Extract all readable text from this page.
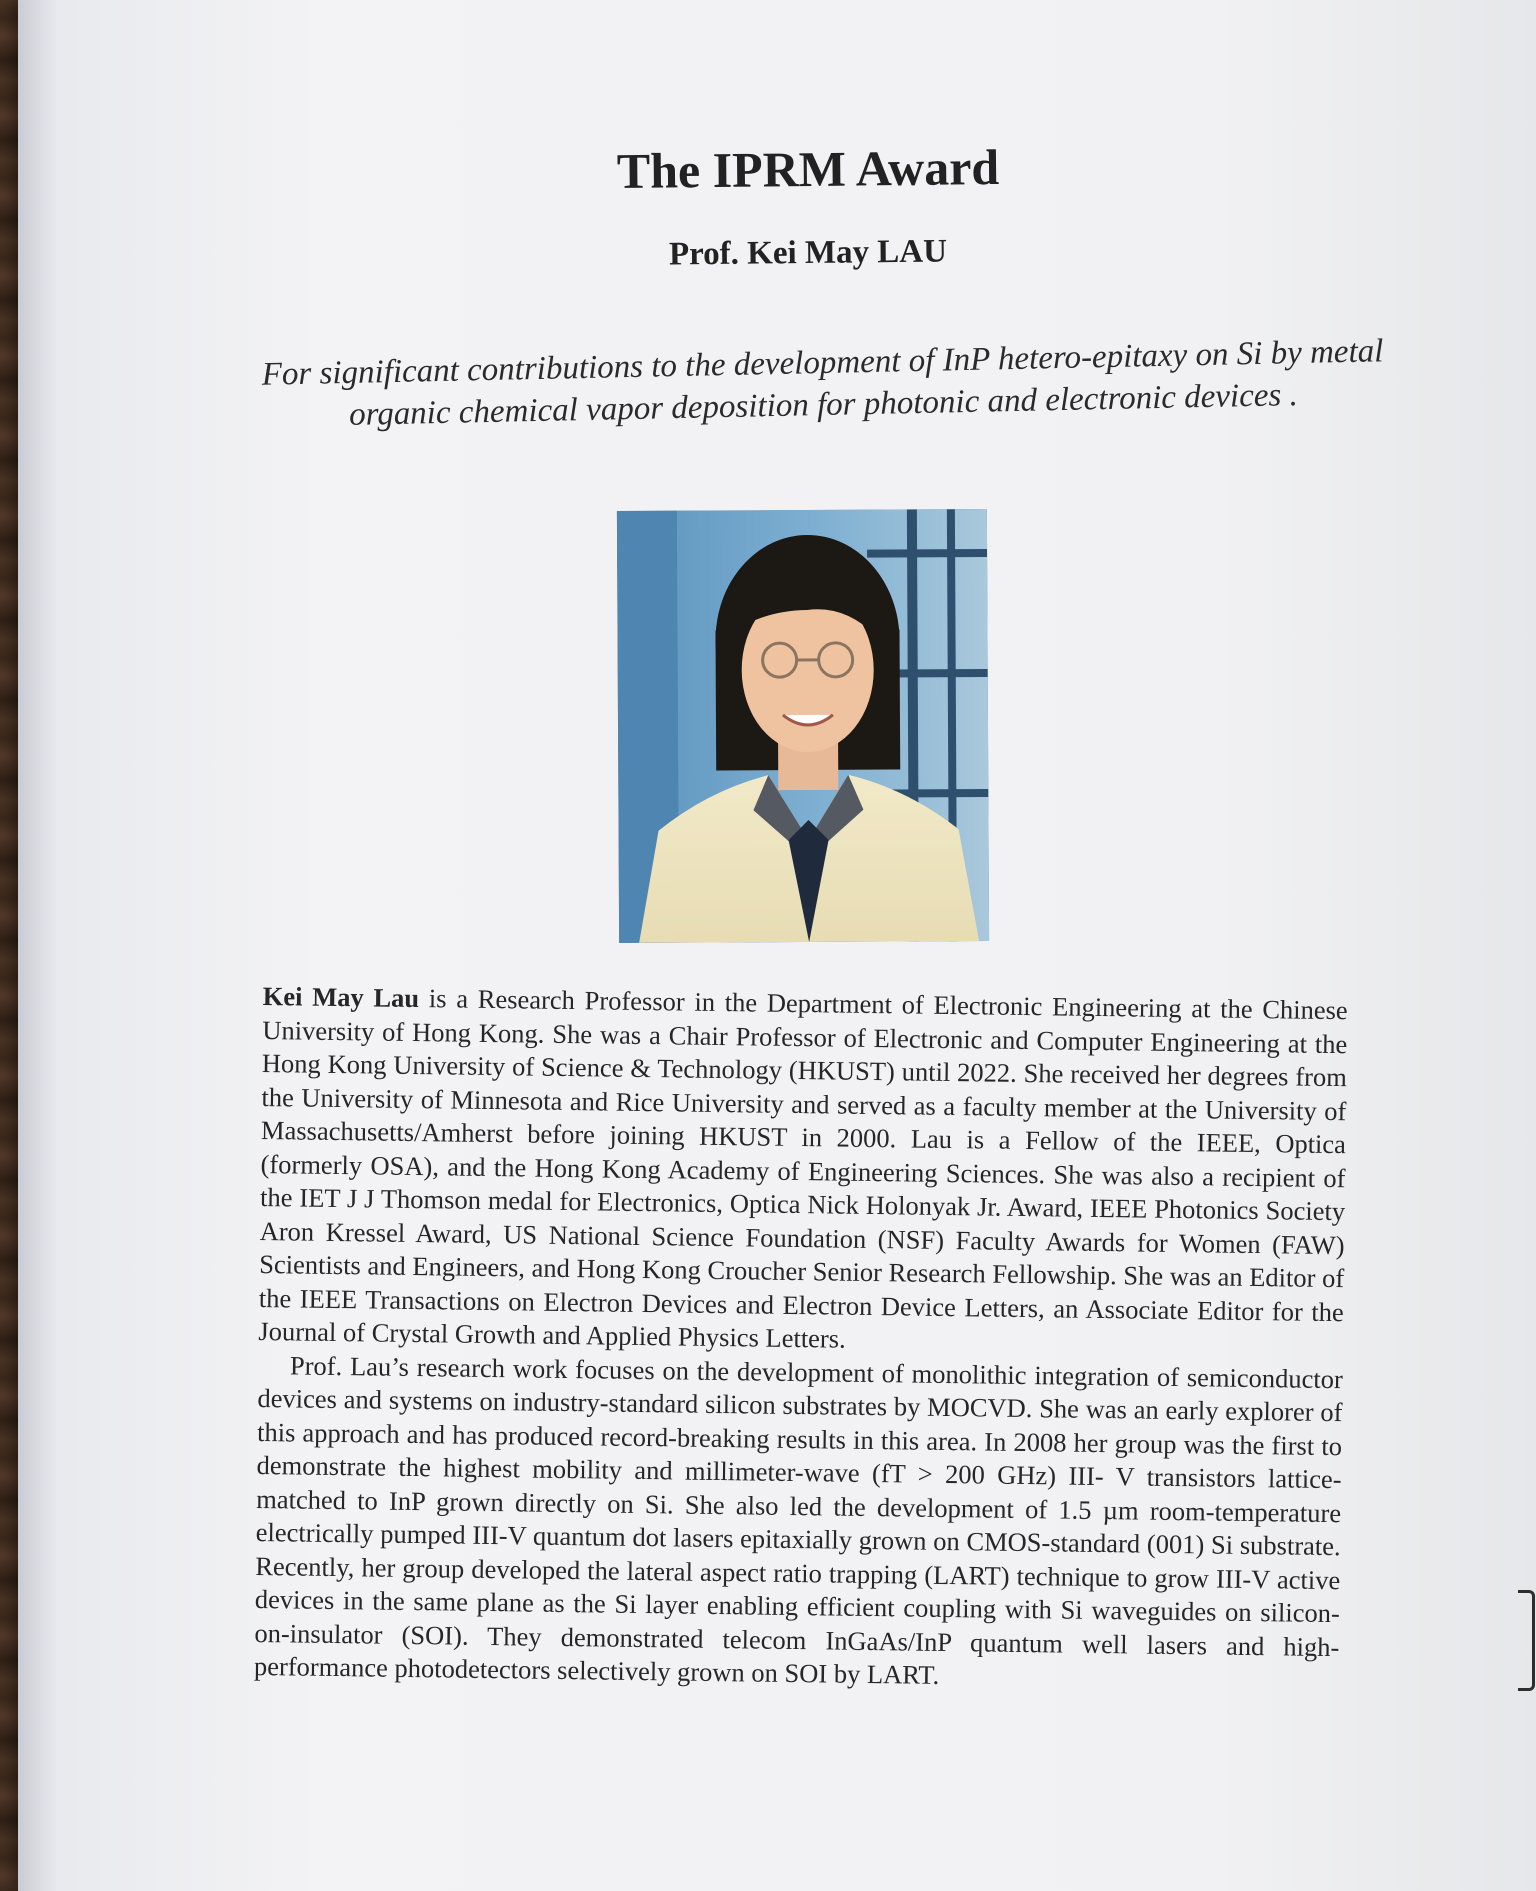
The IPRM Award
Prof. Kei May LAU

For significant contributions to the development of InP hetero-epitaxy on Si by metal organic chemical vapor deposition for photonic and electronic devices .

Kei May Lau is a Research Professor in the Department of Electronic Engineering at the Chinese University of Hong Kong. She was a Chair Professor of Electronic and Computer Engineering at the Hong Kong University of Science & Technology (HKUST) until 2022. She received her degrees from the University of Minnesota and Rice University and served as a faculty member at the University of Massachusetts/Amherst before joining HKUST in 2000. Lau is a Fellow of the IEEE, Optica (formerly OSA), and the Hong Kong Academy of Engineering Sciences. She was also a recipient of the IET J J Thomson medal for Electronics, Optica Nick Holonyak Jr. Award, IEEE Photonics Society Aron Kressel Award, US National Science Foundation (NSF) Faculty Awards for Women (FAW) Scientists and Engineers, and Hong Kong Croucher Senior Research Fellowship. She was an Editor of the IEEE Transactions on Electron Devices and Electron Device Letters, an Associate Editor for the Journal of Crystal Growth and Applied Physics Letters.

Prof. Lau’s research work focuses on the development of monolithic integration of semiconductor devices and systems on industry-standard silicon substrates by MOCVD. She was an early explorer of this approach and has produced record-breaking results in this area. In 2008 her group was the first to demonstrate the highest mobility and millimeter-wave (fT > 200 GHz) III- V transistors lattice-matched to InP grown directly on Si. She also led the development of 1.5 µm room-temperature electrically pumped III-V quantum dot lasers epitaxially grown on CMOS-standard (001) Si substrate. Recently, her group developed the lateral aspect ratio trapping (LART) technique to grow III-V active devices in the same plane as the Si layer enabling efficient coupling with Si waveguides on silicon-on-insulator (SOI). They demonstrated telecom InGaAs/InP quantum well lasers and high-performance photodetectors selectively grown on SOI by LART.
